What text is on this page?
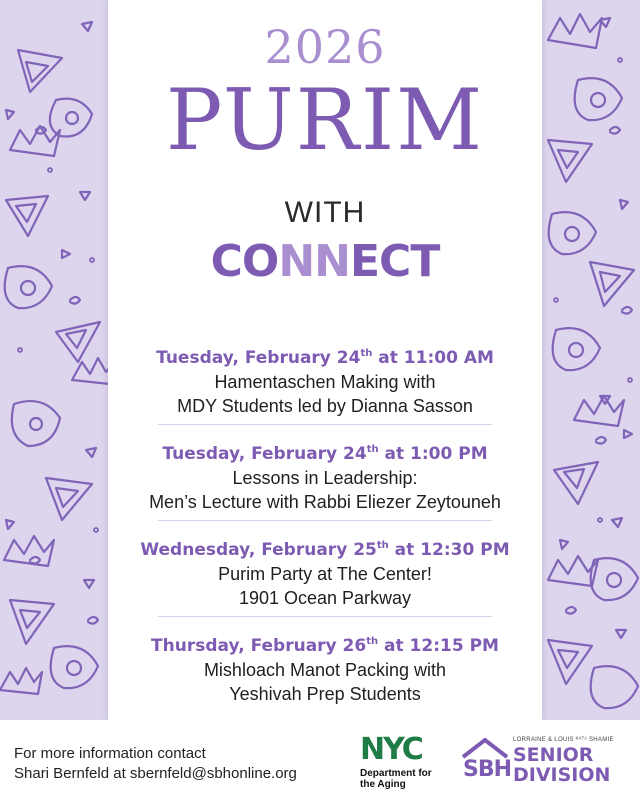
2026
PURIM
WITH
CONNECT
Tuesday, February 24th at 11:00 AM
Hamentaschen Making with
MDY Students led by Dianna Sasson
Tuesday, February 24th at 1:00 PM
Lessons in Leadership:
Men’s Lecture with Rabbi Eliezer Zeytouneh
Wednesday, February 25th at 12:30 PM
Purim Party at The Center!
1901 Ocean Parkway
Thursday, February 26th at 12:15 PM
Mishloach Manot Packing with
Yeshivah Prep Students
For more information contact
Shari Bernfeld at sbernfeld@sbhonline.org
NYC
Department for
the Aging
SBH
LORRAINE & LOUIS ᴷᴬᵀᶻ SHAMIE
SENIOR
DIVISION
